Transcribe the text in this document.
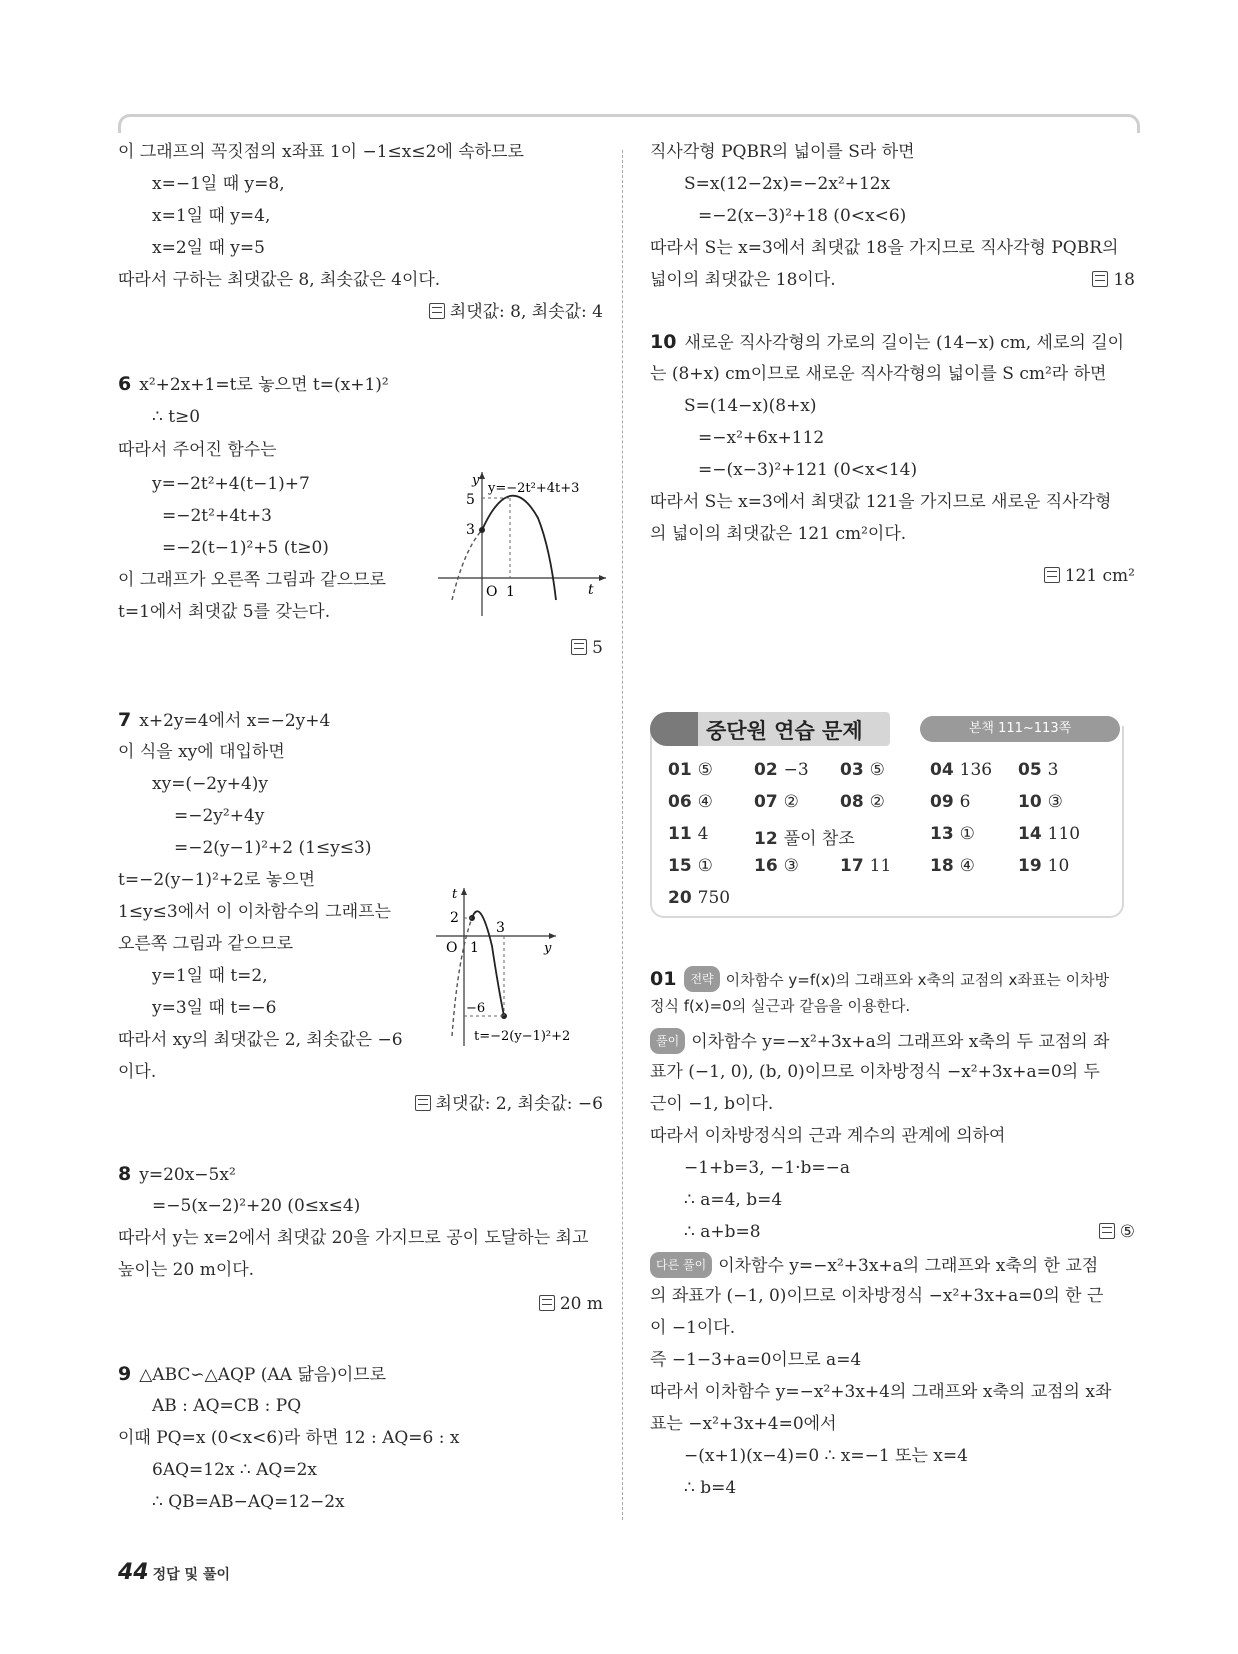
이 그래프의 꼭짓점의 x좌표 1이 −1≤x≤2에 속하므로
x=−1일 때 y=8,
x=1일 때 y=4,
x=2일 때 y=5
따라서 구하는 최댓값은 8, 최솟값은 4이다.
최댓값: 8, 최솟값: 4
6 x²+2x+1=t로 놓으면 t=(x+1)²
∴ t≥0
따라서 주어진 함수는
y=−2t²+4(t−1)+7
=−2t²+4t+3
=−2(t−1)²+5 (t≥0)
이 그래프가 오른쪽 그림과 같으므로
t=1에서 최댓값 5를 갖는다.
5
y
y=−2t²+4t+3
5
3
O 1	t
7 x+2y=4에서 x=−2y+4
이 식을 xy에 대입하면
xy=(−2y+4)y
=−2y²+4y
=−2(y−1)²+2 (1≤y≤3)
t=−2(y−1)²+2로 놓으면
1≤y≤3에서 이 이차함수의 그래프는
오른쪽 그림과 같으므로
y=1일 때 t=2,
y=3일 때 t=−6
따라서 xy의 최댓값은 2, 최솟값은 −6
이다.
최댓값: 2, 최솟값: −6
t
2
O 1
3
y
−6
t=−2(y−1)²+2
8 y=20x−5x²
=−5(x−2)²+20 (0≤x≤4)
따라서 y는 x=2에서 최댓값 20을 가지므로 공이 도달하는 최고
높이는 20 m이다.
20 m
9 △ABC∽△AQP (AA 닮음)이므로
AB : AQ=CB : PQ
이때 PQ=x (0<x<6)라 하면 12 : AQ=6 : x
6AQ=12x ∴ AQ=2x
∴ QB=AB−AQ=12−2x
직사각형 PQBR의 넓이를 S라 하면
S=x(12−2x)=−2x²+12x
=−2(x−3)²+18 (0<x<6)
따라서 S는 x=3에서 최댓값 18을 가지므로 직사각형 PQBR의
넓이의 최댓값은 18이다.	18
10 새로운 직사각형의 가로의 길이는 (14−x) cm, 세로의 길이
는 (8+x) cm이므로 새로운 직사각형의 넓이를 S cm²라 하면
S=(14−x)(8+x)
=−x²+6x+112
=−(x−3)²+121 (0<x<14)
따라서 S는 x=3에서 최댓값 121을 가지므로 새로운 직사각형
의 넓이의 최댓값은 121 cm²이다.
121 cm²
중단원 연습 문제	본책 111~113쪽
01 ⑤ 02 −3 03 ⑤	04 136 05 3
06 ④ 07 ② 08 ②	09 6	10 ③
11 4	12 풀이 참조	13 ①	14 110
15 ① 16 ③ 17 11 18 ④	19 10
20 750
01 전략 이차함수 y=f(x)의 그래프와 x축의 교점의 x좌표는 이차방
정식 f(x)=0의 실근과 같음을 이용한다.
풀이 이차함수 y=−x²+3x+a의 그래프와 x축의 두 교점의 좌
표가 (−1, 0), (b, 0)이므로 이차방정식 −x²+3x+a=0의 두
근이 −1, b이다.
따라서 이차방정식의 근과 계수의 관계에 의하여
−1+b=3, −1·b=−a
∴ a=4, b=4
∴ a+b=8	⑤
다른 풀이 이차함수 y=−x²+3x+a의 그래프와 x축의 한 교점
의 좌표가 (−1, 0)이므로 이차방정식 −x²+3x+a=0의 한 근
이 −1이다.
즉 −1−3+a=0이므로 a=4
따라서 이차함수 y=−x²+3x+4의 그래프와 x축의 교점의 x좌
표는 −x²+3x+4=0에서
−(x+1)(x−4)=0 ∴ x=−1 또는 x=4
∴ b=4
44 정답 및 풀이
